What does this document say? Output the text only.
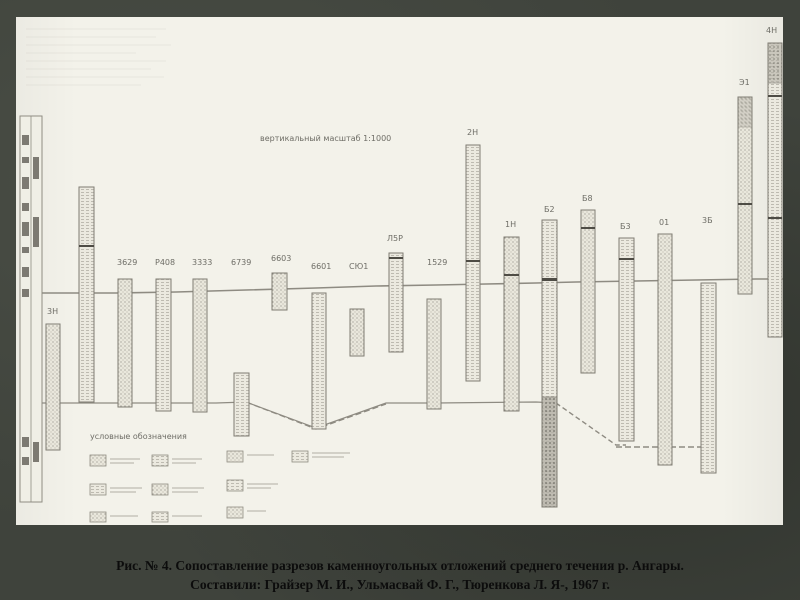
вертикальный масштаб 1:1000
3Н
2Н
1Н
Б2
Б8
Б3	01	3Б
Э1
4Н
3629 Р408 3333 6739 6603
6601 СЮ1
Л5Р
1529
условные обозначения
Рис. № 4. Сопоставление разрезов каменноугольных отложений среднего течения р. Ангары.
Составили: Грайзер М. И., Ульмасвай Ф. Г., Тюренкова Л. Я-, 1967 г.
